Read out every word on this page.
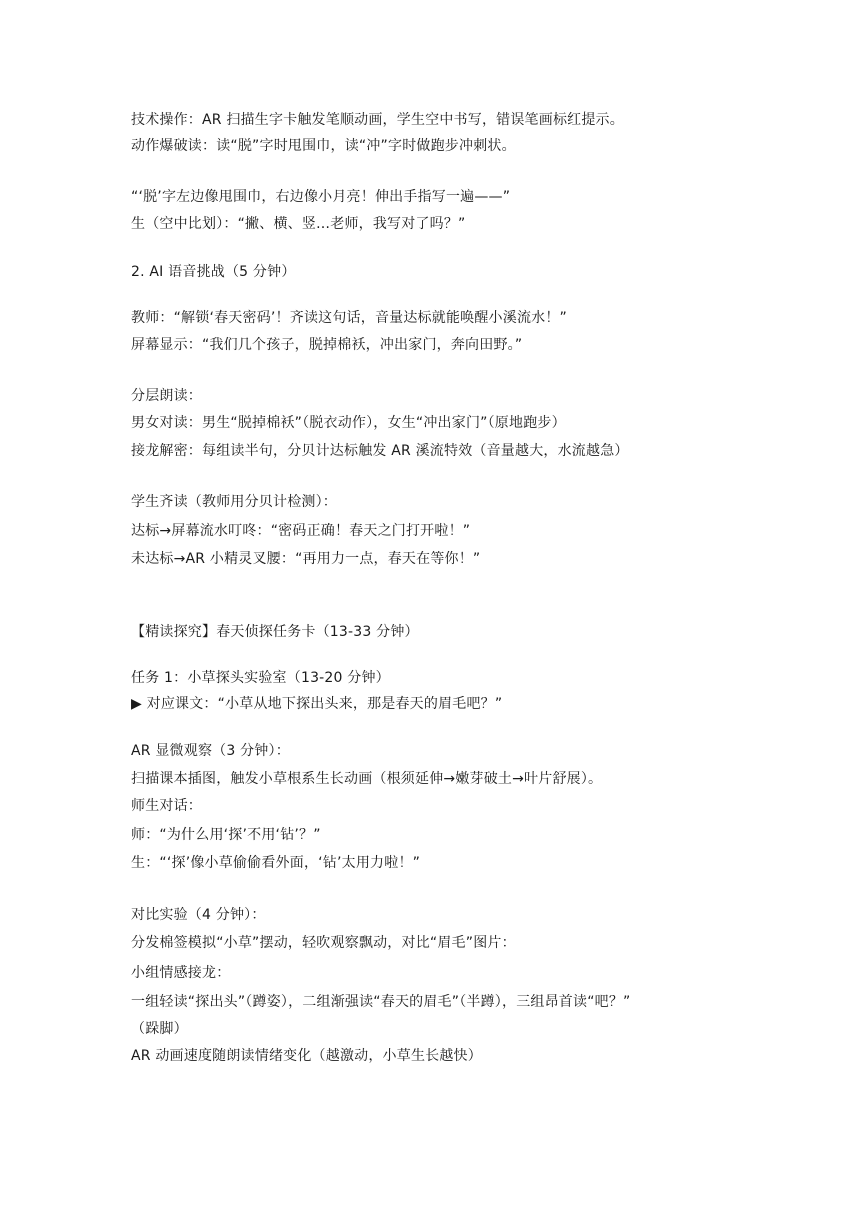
技术操作：AR 扫描生字卡触发笔顺动画，学生空中书写，错误笔画标红提示。
动作爆破读：读“脱”字时甩围巾，读“冲”字时做跑步冲刺状。
“‘脱’字左边像甩围巾，右边像小月亮！伸出手指写一遍——”
生（空中比划）：“撇、横、竖…老师，我写对了吗？”
2. AI 语音挑战（5 分钟）
教师：“解锁‘春天密码’！齐读这句话，音量达标就能唤醒小溪流水！”
屏幕显示：“我们几个孩子，脱掉棉袄，冲出家门，奔向田野。”
分层朗读：
男女对读：男生“脱掉棉袄”（脱衣动作），女生“冲出家门”（原地跑步）
接龙解密：每组读半句，分贝计达标触发 AR 溪流特效（音量越大，水流越急）
学生齐读（教师用分贝计检测）：
达标→屏幕流水叮咚：“密码正确！春天之门打开啦！”
未达标→AR 小精灵叉腰：“再用力一点，春天在等你！”
【精读探究】春天侦探任务卡（13-33 分钟）
任务 1：小草探头实验室（13-20 分钟）
▶ 对应课文：“小草从地下探出头来，那是春天的眉毛吧？”
AR 显微观察（3 分钟）：
扫描课本插图，触发小草根系生长动画（根须延伸→嫩芽破土→叶片舒展）。
师生对话：
师：“为什么用‘探’不用‘钻’？”
生：“‘探’像小草偷偷看外面，‘钻’太用力啦！”
对比实验（4 分钟）：
分发棉签模拟“小草”摆动，轻吹观察飘动，对比“眉毛”图片：
小组情感接龙：
一组轻读“探出头”（蹲姿），二组渐强读“春天的眉毛”（半蹲），三组昂首读“吧？”
（跺脚）
AR 动画速度随朗读情绪变化（越激动，小草生长越快）
